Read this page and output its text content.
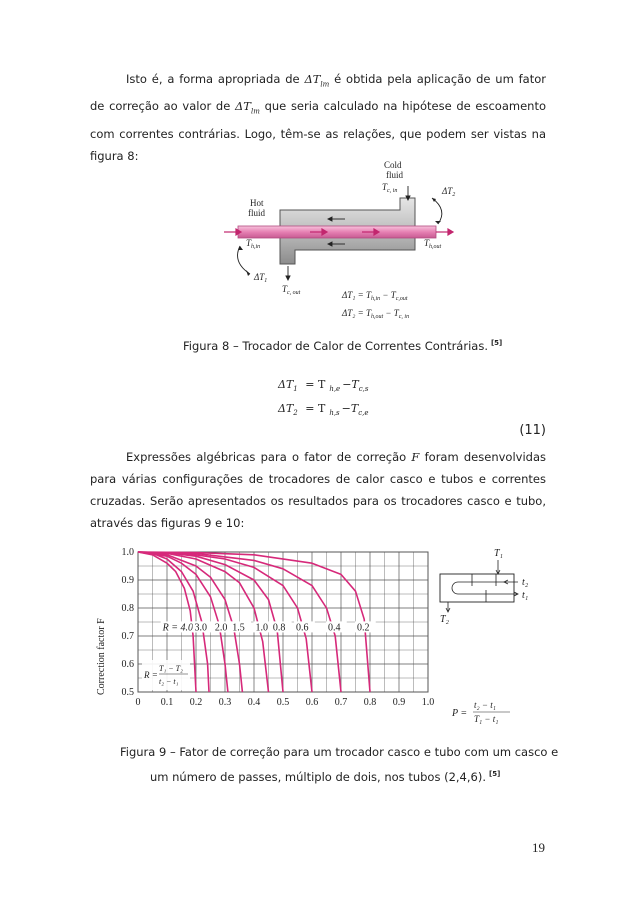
Isto é, a forma apropriada de $\Delta T_{lm}$ é obtida pela aplicação de um fator de correção ao valor de $\Delta T_{lm}$ que seria calculado na hipótese de escoamento com correntes contrárias. Logo, têm-se as relações, que podem ser vistas na figura 8:
Cold
fluid
$T_{c, in}$	$\Delta T_2$
Hot
fluid
$T_{h,in}$	$T_{h,out}$
$\Delta T_1$
$T_{c, out}$	$\Delta T_1 = T_{h,in} - T_{c,out}$
$\Delta T_2 = T_{h,out} - T_{c, in}$
Figura 8 – Trocador de Calor de Correntes Contrárias. [5]
$\Delta T_1 = T$ $_{h,e} -T_{c,s}$
$\Delta T_2 = T$ $_{h,s} -T_{c,e}$
(11)
Expressões algébricas para o fator de correção F foram desenvolvidas para várias configurações de trocadores de calor casco e tubos e correntes cruzadas. Serão apresentados os resultados para os trocadores casco e tubo, através das figuras 9 e 10:
Correction factor F
1.0
0.9
0.8
0.7
0.6
0.5
0 0.1 0.2 0.3 0.4 0.5 0.6 0.7 0.8 0.9 1.0
R = 4.0 3.0 2.0 1.5 1.0 0.8 0.6 0.4 0.2
R =
T₁ − T₂
t₂ − t₁
T₁
T₂
t₂
t₁
P =
t₂ − t₁
T₁ − t₁
Figura 9 – Fator de correção para um trocador casco e tubo com um casco e
um número de passes, múltiplo de dois, nos tubos (2,4,6). [5]
19
